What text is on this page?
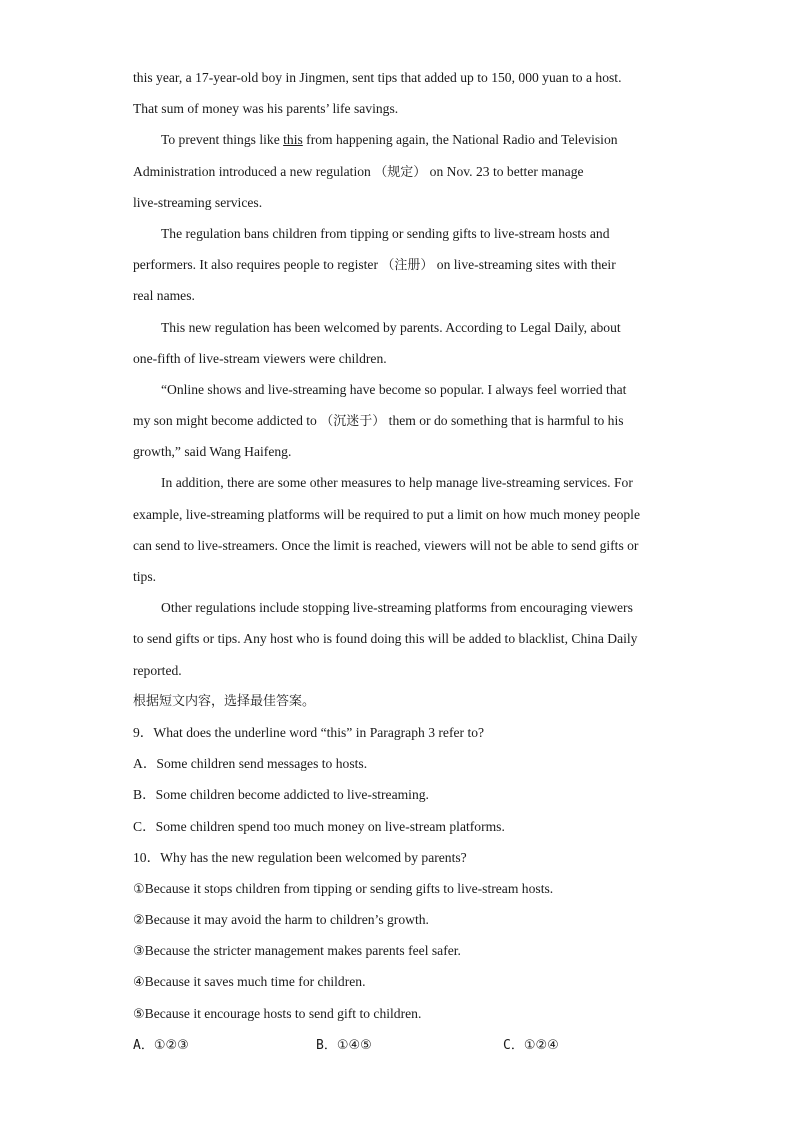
this year, a 17-year-old boy in Jingmen, sent tips that added up to 150, 000 yuan to a host.
That sum of money was his parents’ life savings.
To prevent things like this from happening again, the National Radio and Television
Administration introduced a new regulation （规定） on Nov. 23 to better manage
live-streaming services.
The regulation bans children from tipping or sending gifts to live-stream hosts and
performers. It also requires people to register （注册） on live-streaming sites with their
real names.
This new regulation has been welcomed by parents. According to Legal Daily, about
one-fifth of live-stream viewers were children.
“Online shows and live-streaming have become so popular. I always feel worried that
my son might become addicted to （沉迷于） them or do something that is harmful to his
growth,” said Wang Haifeng.
In addition, there are some other measures to help manage live-streaming services. For
example, live-streaming platforms will be required to put a limit on how much money people
can send to live-streamers. Once the limit is reached, viewers will not be able to send gifts or
tips.
Other regulations include stopping live-streaming platforms from encouraging viewers
to send gifts or tips. Any host who is found doing this will be added to blacklist, China Daily
reported.
根据短文内容，选择最佳答案。
9．What does the underline word “this” in Paragraph 3 refer to?
A．Some children send messages to hosts.
B．Some children become addicted to live-streaming.
C．Some children spend too much money on live-stream platforms.
10．Why has the new regulation been welcomed by parents?
①Because it stops children from tipping or sending gifts to live-stream hosts.
②Because it may avoid the harm to children’s growth.
③Because the stricter management makes parents feel safer.
④Because it saves much time for children.
⑤Because it encourage hosts to send gift to children.
A．①②③	B．①④⑤	C．①②④
